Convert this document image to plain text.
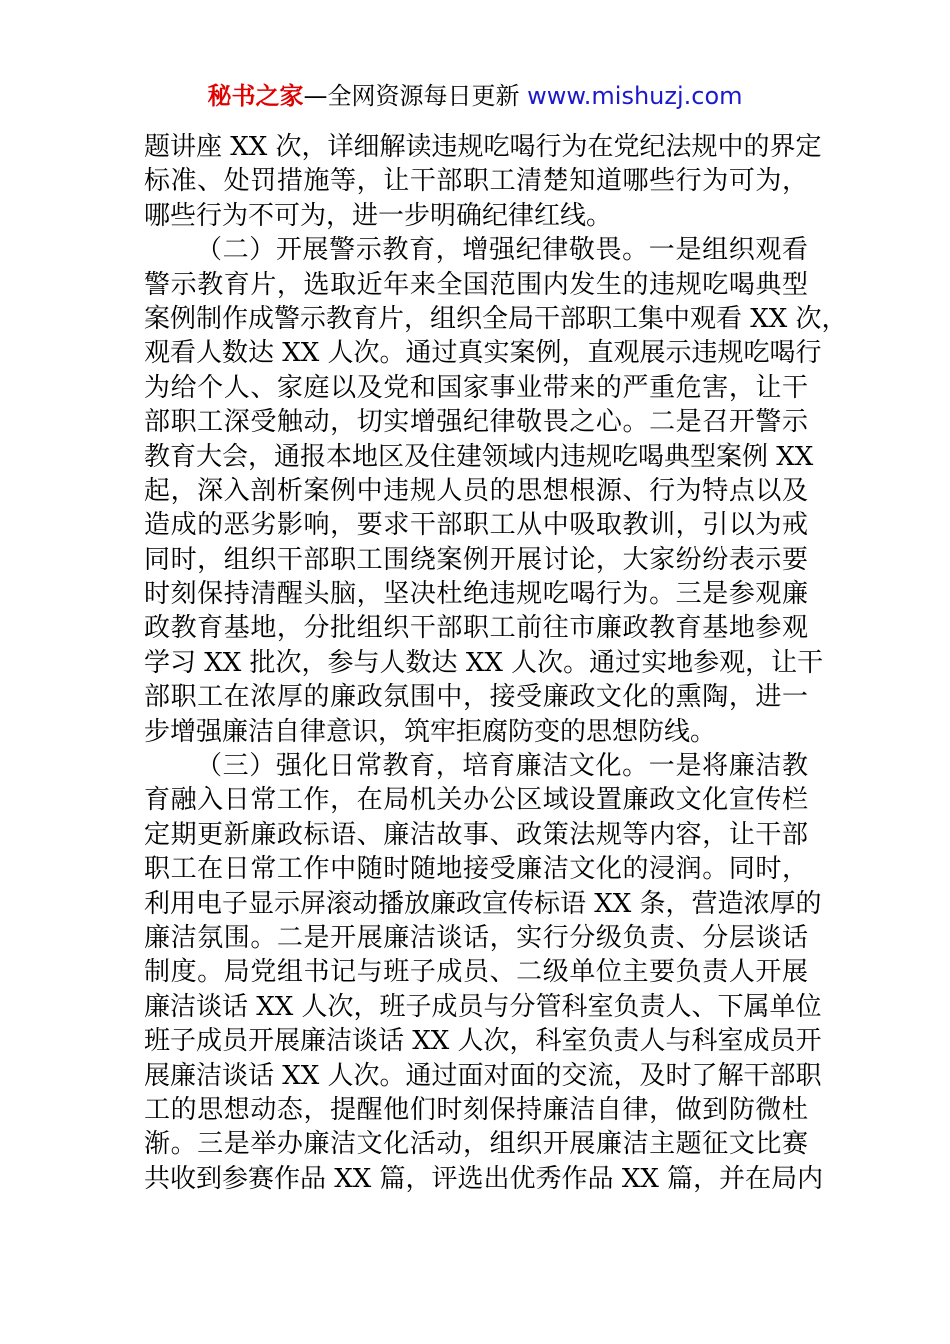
秘书之家—全网资源每日更新 www.mishuzj.com
题讲座 XX 次，详细解读违规吃喝行为在党纪法规中的界定
标准、处罚措施等，让干部职工清楚知道哪些行为可为，
哪些行为不可为，进一步明确纪律红线。
（二）开展警示教育，增强纪律敬畏。一是组织观看
警示教育片，选取近年来全国范围内发生的违规吃喝典型
案例制作成警示教育片，组织全局干部职工集中观看 XX 次，
观看人数达 XX 人次。通过真实案例，直观展示违规吃喝行
为给个人、家庭以及党和国家事业带来的严重危害，让干
部职工深受触动，切实增强纪律敬畏之心。二是召开警示
教育大会，通报本地区及住建领域内违规吃喝典型案例 XX
起，深入剖析案例中违规人员的思想根源、行为特点以及
造成的恶劣影响，要求干部职工从中吸取教训，引以为戒
同时，组织干部职工围绕案例开展讨论，大家纷纷表示要
时刻保持清醒头脑，坚决杜绝违规吃喝行为。三是参观廉
政教育基地，分批组织干部职工前往市廉政教育基地参观
学习 XX 批次，参与人数达 XX 人次。通过实地参观，让干
部职工在浓厚的廉政氛围中，接受廉政文化的熏陶，进一
步增强廉洁自律意识，筑牢拒腐防变的思想防线。
（三）强化日常教育，培育廉洁文化。一是将廉洁教
育融入日常工作，在局机关办公区域设置廉政文化宣传栏
定期更新廉政标语、廉洁故事、政策法规等内容，让干部
职工在日常工作中随时随地接受廉洁文化的浸润。同时，
利用电子显示屏滚动播放廉政宣传标语 XX 条，营造浓厚的
廉洁氛围。二是开展廉洁谈话，实行分级负责、分层谈话
制度。局党组书记与班子成员、二级单位主要负责人开展
廉洁谈话 XX 人次，班子成员与分管科室负责人、下属单位
班子成员开展廉洁谈话 XX 人次，科室负责人与科室成员开
展廉洁谈话 XX 人次。通过面对面的交流，及时了解干部职
工的思想动态，提醒他们时刻保持廉洁自律，做到防微杜
渐。三是举办廉洁文化活动，组织开展廉洁主题征文比赛
共收到参赛作品 XX 篇，评选出优秀作品 XX 篇，并在局内
